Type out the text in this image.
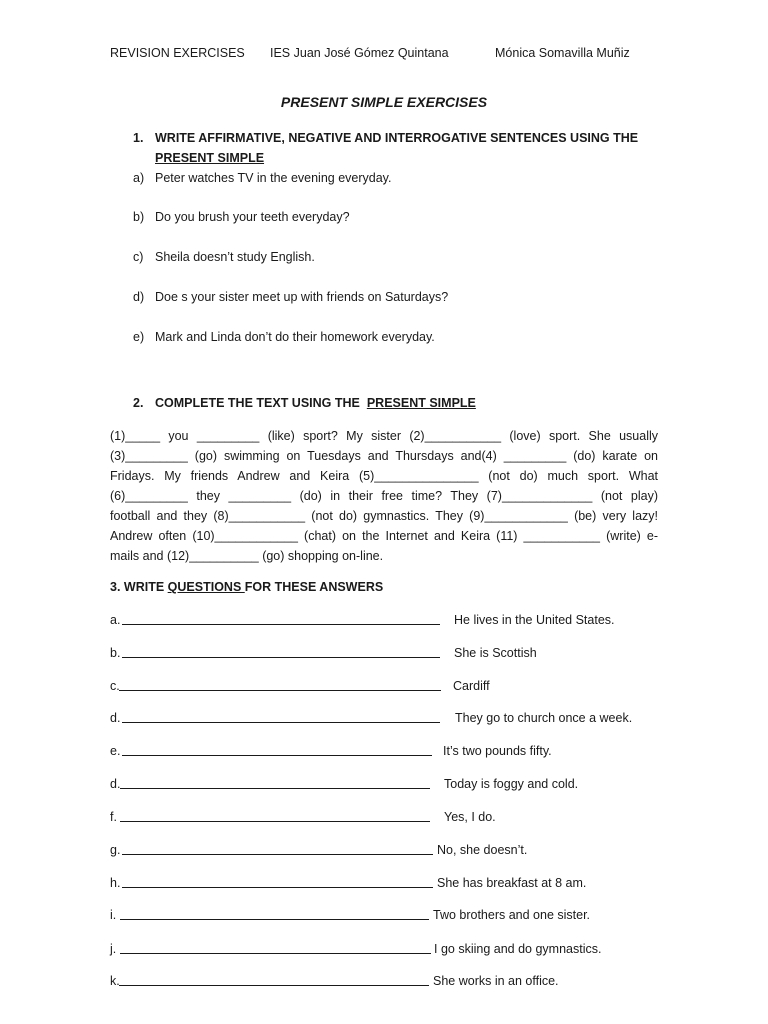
REVISION EXERCISES IES Juan José Gómez Quintana	Mónica Somavilla Muñiz
PRESENT SIMPLE EXERCISES
1. WRITE AFFIRMATIVE, NEGATIVE AND INTERROGATIVE SENTENCES USING THE
PRESENT SIMPLE
a) Peter watches TV in the evening everyday.
b) Do you brush your teeth everyday?
c) Sheila doesn’t study English.
d) Doe s your sister meet up with friends on Saturdays?
e) Mark and Linda don’t do their homework everyday.
2. COMPLETE THE TEXT USING THE PRESENT SIMPLE
(1)_____ you _________ (like) sport? My sister (2)___________ (love) sport. She usually
(3)_________ (go) swimming on Tuesdays and Thursdays and(4) _________ (do) karate on
Fridays. My friends Andrew and Keira (5)_______________ (not do) much sport. What
(6)_________ they _________ (do) in their free time? They (7)_____________ (not play)
football and they (8)___________ (not do) gymnastics. They (9)____________ (be) very lazy!
Andrew often (10)____________ (chat) on the Internet and Keira (11) ___________ (write) e-
mails and (12)__________ (go) shopping on-line.
3. WRITE QUESTIONS FOR THESE ANSWERS
a.	He lives in the United States.
b.	She is Scottish
c.	Cardiff
d.	They go to church once a week.
e.	It’s two pounds fifty.
d.	Today is foggy and cold.
f.	Yes, I do.
g.	No, she doesn’t.
h.	She has breakfast at 8 am.
i.	Two brothers and one sister.
j.	I go skiing and do gymnastics.
k.	She works in an office.
